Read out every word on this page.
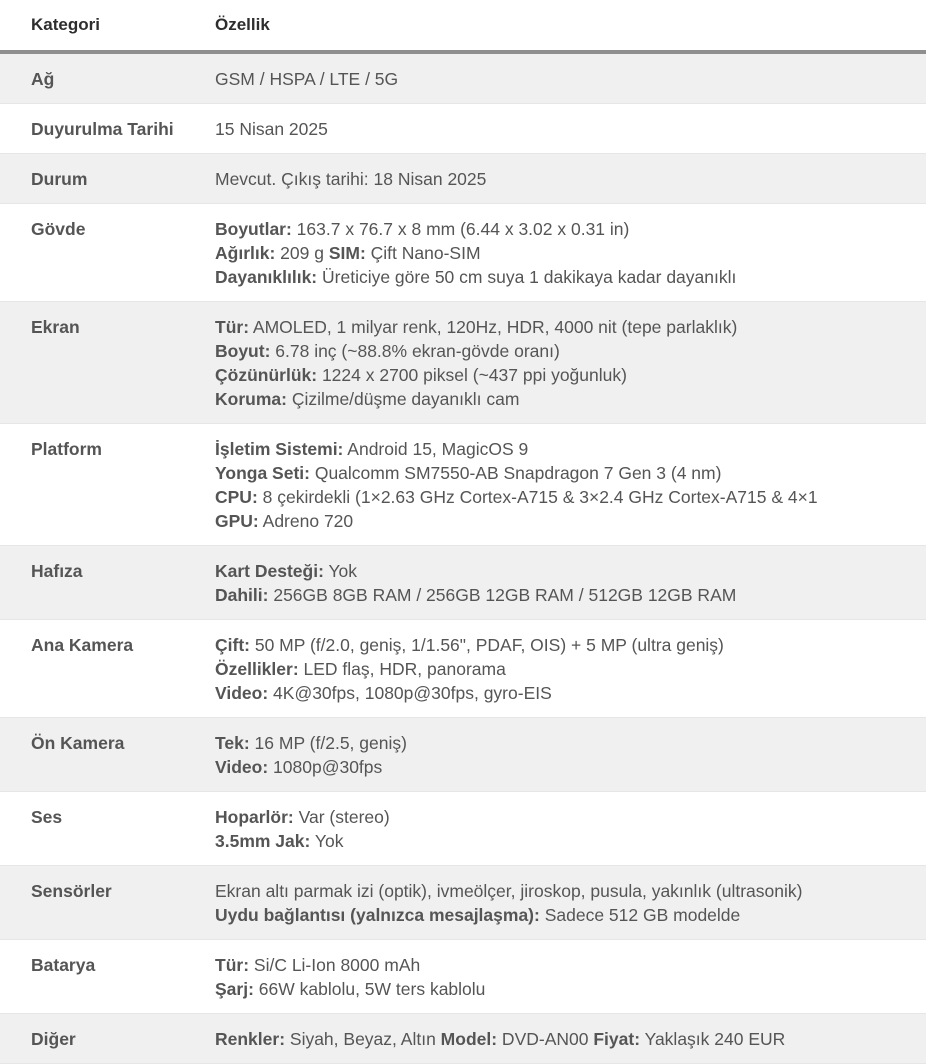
Kategori	Özellik
Ağ	GSM / HSPA / LTE / 5G

Duyurulma Tarihi	15 Nisan 2025

Durum	Mevcut. Çıkış tarihi: 18 Nisan 2025

Gövde	Boyutlar: 163.7 x 76.7 x 8 mm (6.44 x 3.02 x 0.31 in)
Ağırlık: 209 g SIM: Çift Nano-SIM
Dayanıklılık: Üreticiye göre 50 cm suya 1 dakikaya kadar dayanıklı

Ekran	Tür: AMOLED, 1 milyar renk, 120Hz, HDR, 4000 nit (tepe parlaklık)
Boyut: 6.78 inç (~88.8% ekran-gövde oranı)
Çözünürlük: 1224 x 2700 piksel (~437 ppi yoğunluk)
Koruma: Çizilme/düşme dayanıklı cam

Platform	İşletim Sistemi: Android 15, MagicOS 9
Yonga Seti: Qualcomm SM7550-AB Snapdragon 7 Gen 3 (4 nm)
CPU: 8 çekirdekli (1×2.63 GHz Cortex-A715 & 3×2.4 GHz Cortex-A715 & 4×1
GPU: Adreno 720

Hafıza	Kart Desteği: Yok
Dahili: 256GB 8GB RAM / 256GB 12GB RAM / 512GB 12GB RAM

Ana Kamera	Çift: 50 MP (f/2.0, geniş, 1/1.56", PDAF, OIS) + 5 MP (ultra geniş)
Özellikler: LED flaş, HDR, panorama
Video: 4K@30fps, 1080p@30fps, gyro-EIS

Ön Kamera	Tek: 16 MP (f/2.5, geniş)
Video: 1080p@30fps

Ses	Hoparlör: Var (stereo)
3.5mm Jak: Yok

Sensörler	Ekran altı parmak izi (optik), ivmeölçer, jiroskop, pusula, yakınlık (ultrasonik)
Uydu bağlantısı (yalnızca mesajlaşma): Sadece 512 GB modelde

Batarya	Tür: Si/C Li-Ion 8000 mAh
Şarj: 66W kablolu, 5W ters kablolu

Diğer	Renkler: Siyah, Beyaz, Altın Model: DVD-AN00 Fiyat: Yaklaşık 240 EUR
